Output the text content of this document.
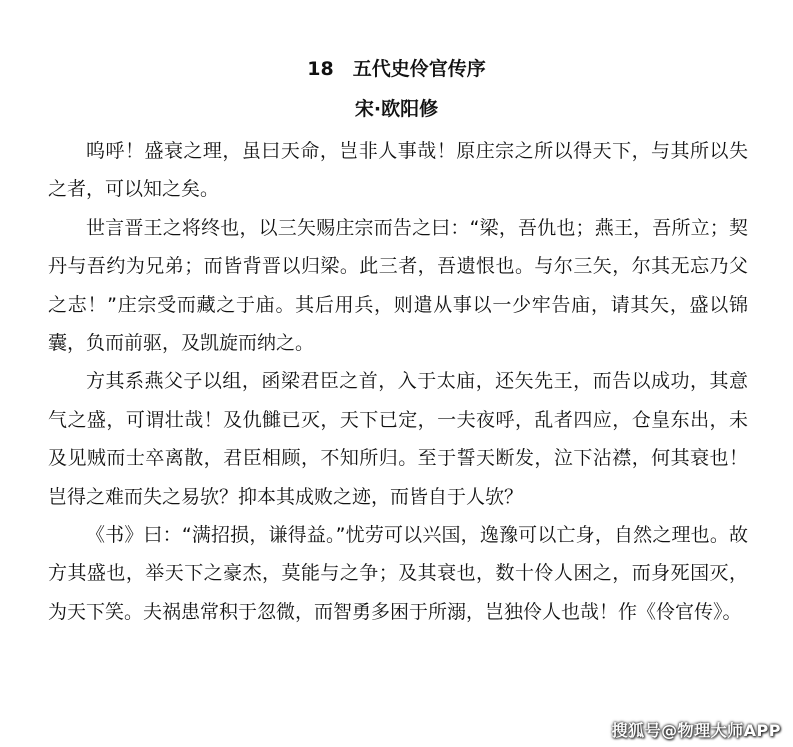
18　五代史伶官传序
宋·欧阳修

呜呼！盛衰之理，虽曰天命，岂非人事哉！原庄宗之所以得天下，与其所以失之者，可以知之矣。

世言晋王之将终也，以三矢赐庄宗而告之曰：“梁，吾仇也；燕王，吾所立；契丹与吾约为兄弟；而皆背晋以归梁。此三者，吾遗恨也。与尔三矢，尔其无忘乃父之志！”庄宗受而藏之于庙。其后用兵，则遣从事以一少牢告庙，请其矢，盛以锦囊，负而前驱，及凯旋而纳之。

方其系燕父子以组，函梁君臣之首，入于太庙，还矢先王，而告以成功，其意气之盛，可谓壮哉！及仇雠已灭，天下已定，一夫夜呼，乱者四应，仓皇东出，未及见贼而士卒离散，君臣相顾，不知所归。至于誓天断发，泣下沾襟，何其衰也！岂得之难而失之易欤？抑本其成败之迹，而皆自于人欤？

《书》曰：“满招损，谦得益。”忧劳可以兴国，逸豫可以亡身，自然之理也。故方其盛也，举天下之豪杰，莫能与之争；及其衰也，数十伶人困之，而身死国灭，为天下笑。夫祸患常积于忽微，而智勇多困于所溺，岂独伶人也哉！作《伶官传》。

搜狐号@物理大师APP
